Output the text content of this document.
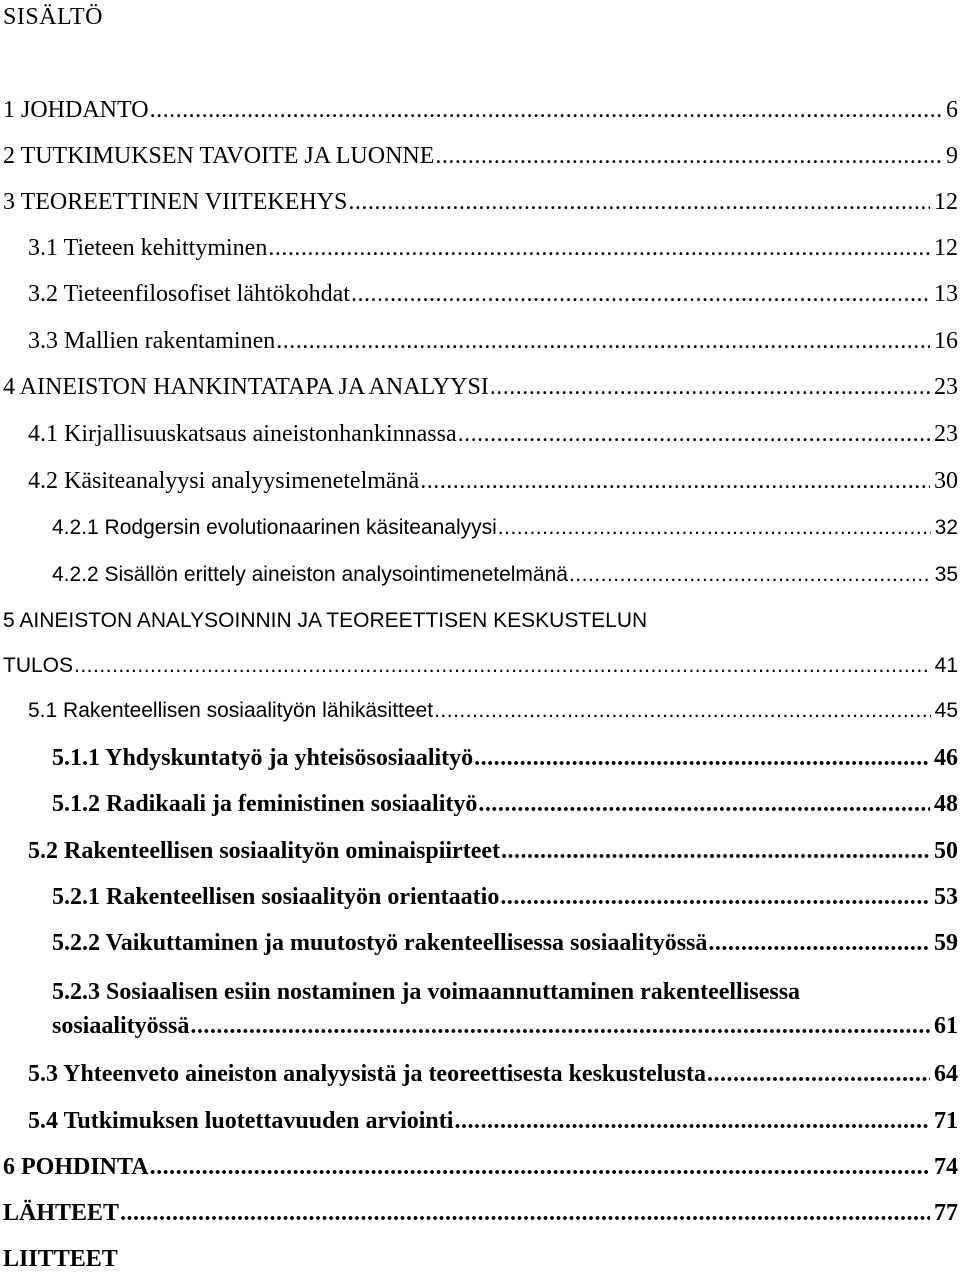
SISÄLTÖ
1 JOHDANTO .....	6
2 TUTKIMUKSEN TAVOITE JA LUONNE .....	9
3 TEOREETTINEN VIITEKEHYS .....	12
3.1 Tieteen kehittyminen .....	12
3.2 Tieteenfilosofiset lähtökohdat .....	13
3.3 Mallien rakentaminen .....	16
4 AINEISTON HANKINTATAPA JA ANALYYSI .....	23
4.1 Kirjallisuuskatsaus aineistonhankinnassa .....	23
4.2 Käsiteanalyysi analyysimenetelmänä .....	30
4.2.1 Rodgersin evolutionaarinen käsiteanalyysi .....	32
4.2.2 Sisällön erittely aineiston analysointimenetelmänä .....	35
5 AINEISTON ANALYSOINNIN JA TEOREETTISEN KESKUSTELUN
TULOS .....	41
5.1 Rakenteellisen sosiaalityön lähikäsitteet .....	45
5.1.1 Yhdyskuntatyö ja yhteisösosiaalityö .....	46
5.1.2 Radikaali ja feministinen sosiaalityö .....	48
5.2 Rakenteellisen sosiaalityön ominaispiirteet .....	50
5.2.1 Rakenteellisen sosiaalityön orientaatio .....	53
5.2.2 Vaikuttaminen ja muutostyö rakenteellisessa sosiaalityössä .....	59
5.2.3 Sosiaalisen esiin nostaminen ja voimaannuttaminen rakenteellisessa
sosiaalityössä .....	61
5.3 Yhteenveto aineiston analyysistä ja teoreettisesta keskustelusta .....	64
5.4 Tutkimuksen luotettavuuden arviointi .....	71
6 POHDINTA .....	74
LÄHTEET .....	77
LIITTEET
